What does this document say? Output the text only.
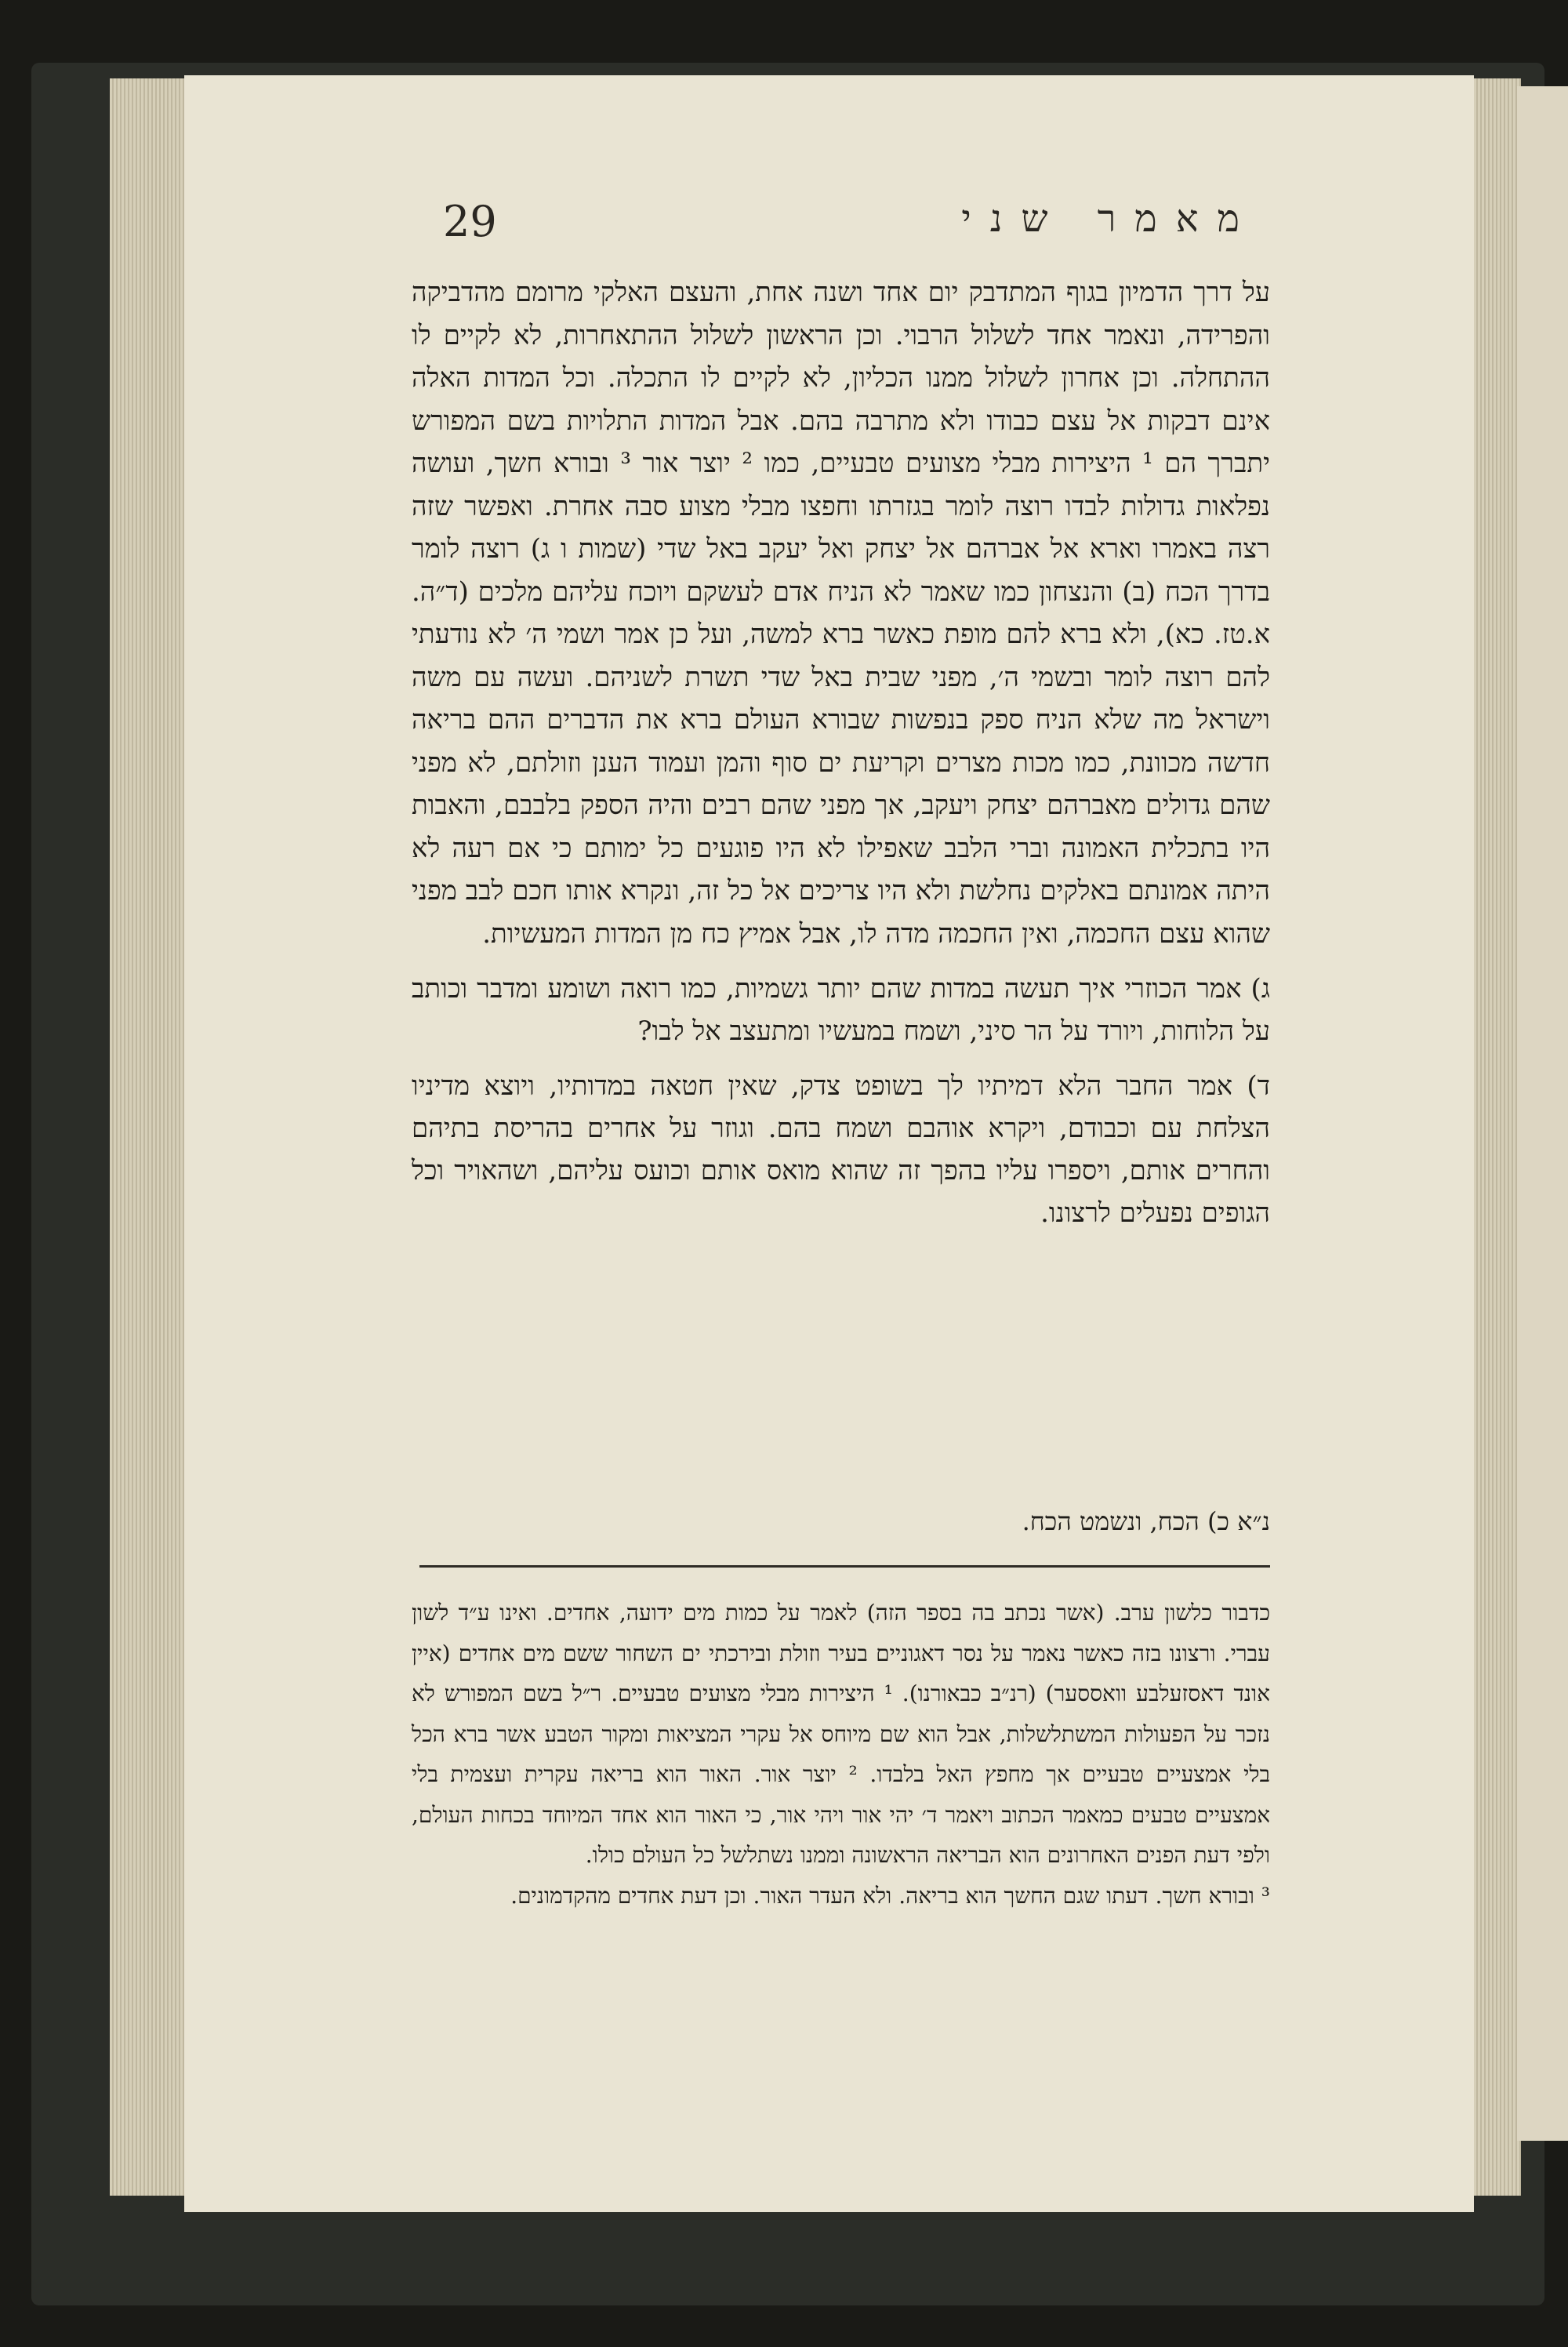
29	מאמר שני

על דרך הדמיון בגוף המתדבק יום אחד ושנה אחת, והעצם האלקי מרומם מהדביקה והפרידה, ונאמר אחד לשלול הרבוי. וכן הראשון לשלול ההתאחרות, לא לקיים לו ההתחלה. וכן אחרון לשלול ממנו הכליון, לא לקיים לו התכלה. וכל המדות האלה אינם דבקות אל עצם כבודו ולא מתרבה בהם. אבל המדות התלויות בשם המפורש יתברך הם ¹ היצירות מבלי מצועים טבעיים, כמו ² יוצר אור ³ ובורא חשך, ועושה נפלאות גדולות לבדו רוצה לומר בגזרתו וחפצו מבלי מצוע סבה אחרת. ואפשר שזה רצה באמרו וארא אל אברהם אל יצחק ואל יעקב באל שדי (שמות ו ג) רוצה לומר בדרך הכח (ב) והנצחון כמו שאמר לא הניח אדם לעשקם ויוכח עליהם מלכים (ד״ה. א.טז. כא), ולא ברא להם מופת כאשר ברא למשה, ועל כן אמר ושמי ה׳ לא נודעתי להם רוצה לומר ובשמי ה׳, מפני שבית באל שדי תשרת לשניהם. ועשה עם משה וישראל מה שלא הניח ספק בנפשות שבורא העולם ברא את הדברים ההם בריאה חדשה מכוונת, כמו מכות מצרים וקריעת ים סוף והמן ועמוד הענן וזולתם, לא מפני שהם גדולים מאברהם יצחק ויעקב, אך מפני שהם רבים והיה הספק בלבבם, והאבות היו בתכלית האמונה וברי הלבב שאפילו לא היו פוגעים כל ימותם כי אם רעה לא היתה אמונתם באלקים נחלשת ולא היו צריכים אל כל זה, ונקרא אותו חכם לבב מפני שהוא עצם החכמה, ואין החכמה מדה לו, אבל אמיץ כח מן המדות המעשיות.

ג) אמר הכוזרי איך תעשה במדות שהם יותר גשמיות, כמו רואה ושומע ומדבר וכותב על הלוחות, ויורד על הר סיני, ושמח במעשיו ומתעצב אל לבו?

ד) אמר החבר הלא דמיתיו לך בשופט צדק, שאין חטאה במדותיו, ויוצא מדיניו הצלחת עם וכבודם, ויקרא אוהבם ושמח בהם. וגוזר על אחרים בהריסת בתיהם והחרים אותם, ויספרו עליו בהפך זה שהוא מואס אותם וכועס עליהם, ושהאויר וכל הגופים נפעלים לרצונו.

נ״א כ) הכח, ונשמט הכח.

כדבור כלשון ערב. (אשר נכתב בה בספר הזה) לאמר על כמות מים ידועה, אחדים. ואינו ע״ד לשון עברי. ורצונו בזה כאשר נאמר על נסר דאגוניים בעיר וזולת ובירכתי ים השחור ששם מים אחדים (איין אונד דאסזעלבע וואססער) (רנ״ב כבאורנו). ¹ היצירות מבלי מצועים טבעיים. ר״ל בשם המפורש לא נזכר על הפעולות המשתלשלות, אבל הוא שם מיוחס אל עקרי המציאות ומקור הטבע אשר ברא הכל בלי אמצעיים טבעיים אך מחפץ האל בלבדו. ² יוצר אור. האור הוא בריאה עקרית ועצמית בלי אמצעיים טבעים כמאמר הכתוב ויאמר ד׳ יהי אור ויהי אור, כי האור הוא אחד המיוחד בכחות העולם, ולפי דעת הפנים האחרונים הוא הבריאה הראשונה וממנו נשתלשל כל העולם כולו.

³ ובורא חשך. דעתו שגם החשך הוא בריאה. ולא העדר האור. וכן דעת אחדים מהקדמונים.
